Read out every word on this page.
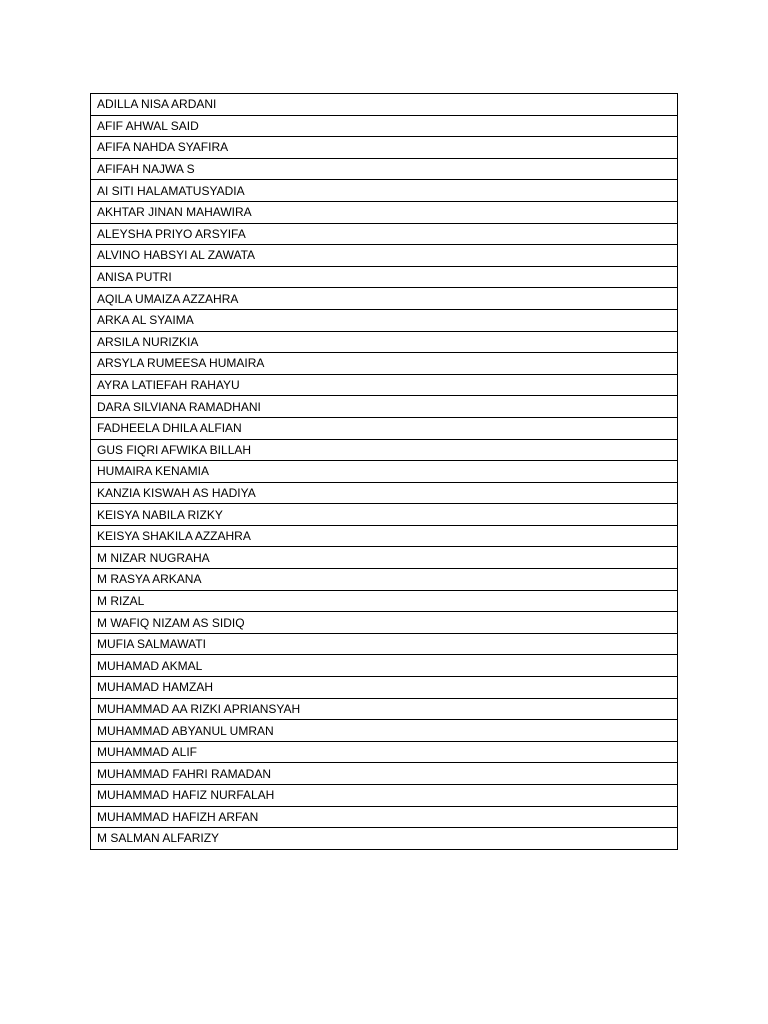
ADILLA NISA ARDANI
AFIF AHWAL SAID
AFIFA NAHDA SYAFIRA
AFIFAH NAJWA S
AI SITI HALAMATUSYADIA
AKHTAR JINAN MAHAWIRA
ALEYSHA PRIYO ARSYIFA
ALVINO HABSYI AL ZAWATA
ANISA PUTRI
AQILA UMAIZA AZZAHRA
ARKA AL SYAIMA
ARSILA NURIZKIA
ARSYLA RUMEESA HUMAIRA
AYRA LATIEFAH RAHAYU
DARA SILVIANA RAMADHANI
FADHEELA DHILA ALFIAN
GUS FIQRI AFWIKA BILLAH
HUMAIRA KENAMIA
KANZIA KISWAH AS HADIYA
KEISYA NABILA RIZKY
KEISYA SHAKILA AZZAHRA
M NIZAR NUGRAHA
M RASYA ARKANA
M RIZAL
M WAFIQ NIZAM AS SIDIQ
MUFIA SALMAWATI
MUHAMAD AKMAL
MUHAMAD HAMZAH
MUHAMMAD AA RIZKI APRIANSYAH
MUHAMMAD ABYANUL UMRAN
MUHAMMAD ALIF
MUHAMMAD FAHRI RAMADAN
MUHAMMAD HAFIZ NURFALAH
MUHAMMAD HAFIZH ARFAN
M SALMAN ALFARIZY
